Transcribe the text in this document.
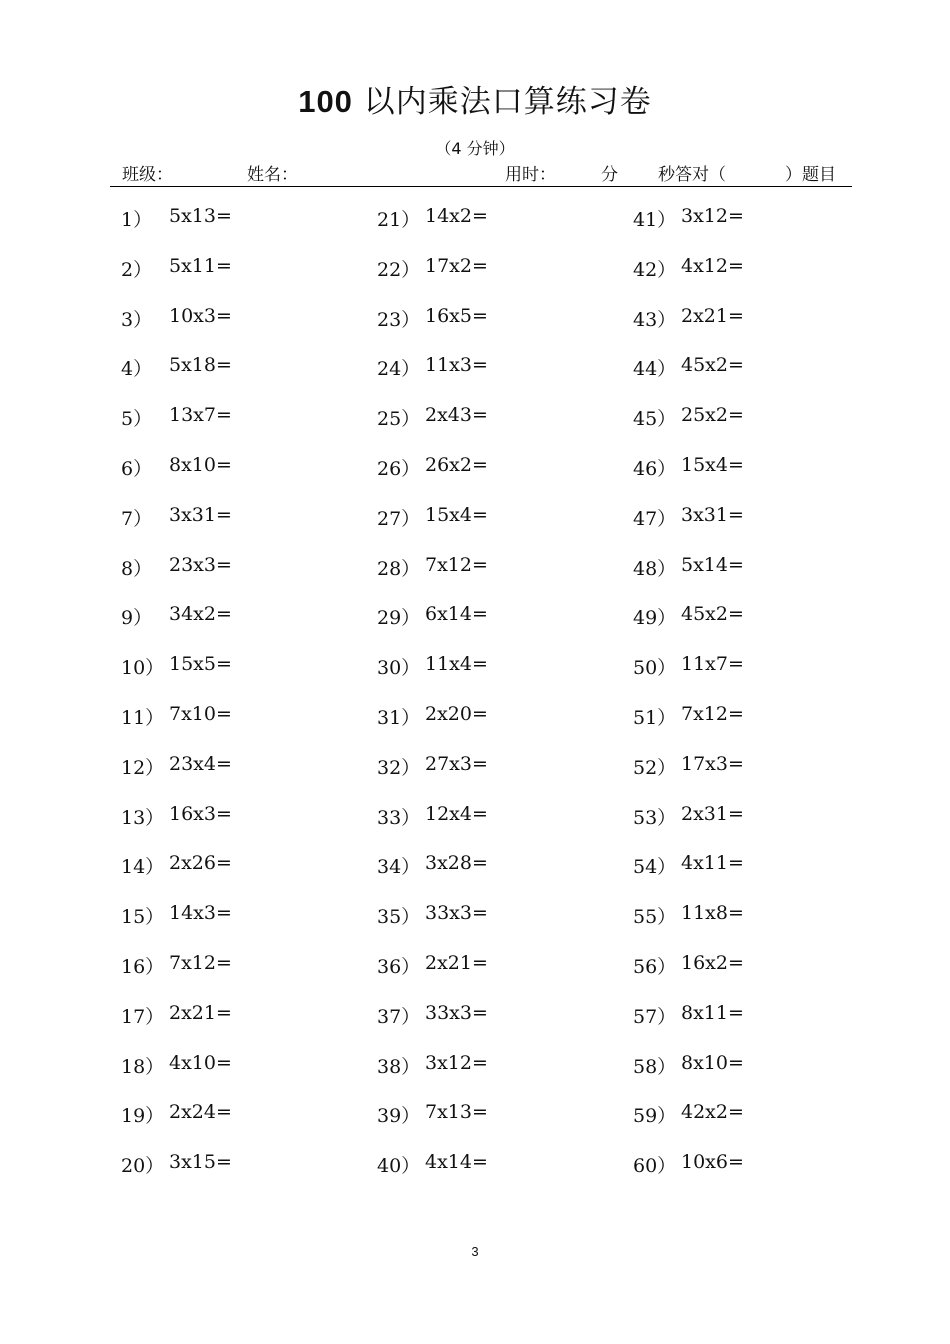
100 以内乘法口算练习卷
（4 分钟）
班级：	姓名：	用时：	分 秒答对（	）题目
1） 5x13=
2） 5x11=
3） 10x3=
4） 5x18=
5） 13x7=
6） 8x10=
7） 3x31=
8） 23x3=
9） 34x2=
10） 15x5=
11） 7x10=
12） 23x4=
13） 16x3=
14） 2x26=
15） 14x3=
16） 7x12=
17） 2x21=
18） 4x10=
19） 2x24=
20） 3x15=
21） 14x2=
22） 17x2=
23） 16x5=
24） 11x3=
25） 2x43=
26） 26x2=
27） 15x4=
28） 7x12=
29） 6x14=
30） 11x4=
31） 2x20=
32） 27x3=
33） 12x4=
34） 3x28=
35） 33x3=
36） 2x21=
37） 33x3=
38） 3x12=
39） 7x13=
40） 4x14=
41） 3x12=
42） 4x12=
43） 2x21=
44） 45x2=
45） 25x2=
46） 15x4=
47） 3x31=
48） 5x14=
49） 45x2=
50） 11x7=
51） 7x12=
52） 17x3=
53） 2x31=
54） 4x11=
55） 11x8=
56） 16x2=
57） 8x11=
58） 8x10=
59） 42x2=
60） 10x6=
3
